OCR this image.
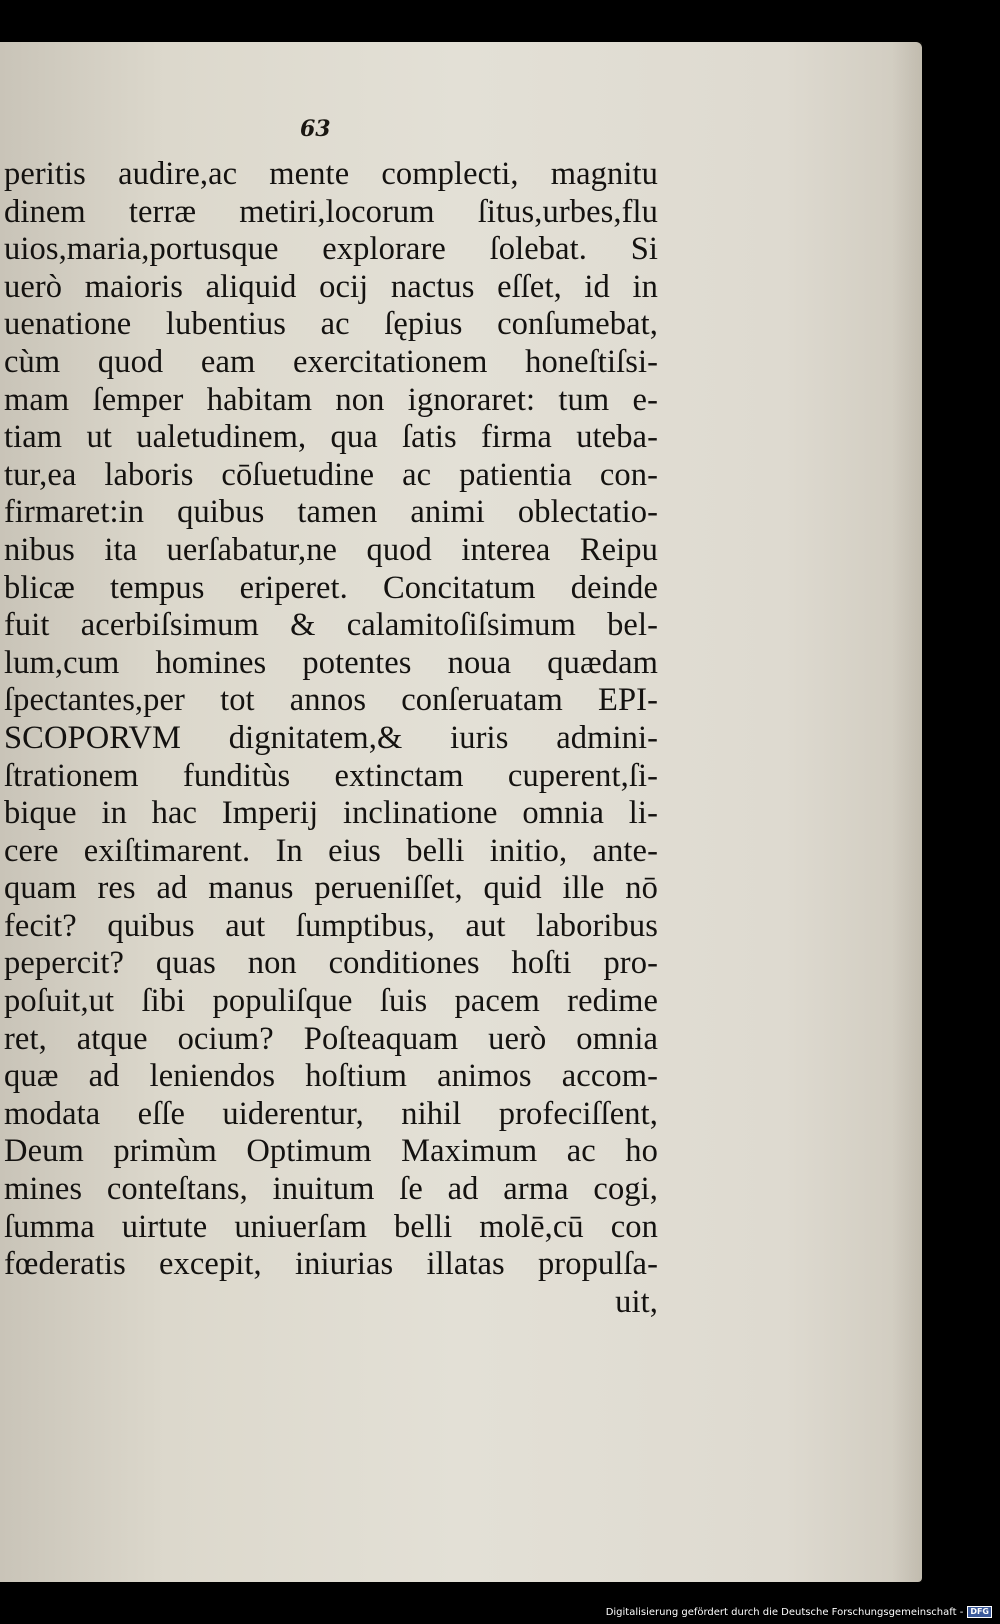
63
peritis audire,ac mente complecti, magnitu
dinem terræ metiri,locorum ſitus,urbes,flu
uios,maria,portusque explorare ſolebat. Si
uerò maioris aliquid ocij nactus eſſet, id in
uenatione lubentius ac ſępius conſumebat,
cùm quod eam exercitationem honeſtiſsi-
mam ſemper habitam non ignoraret: tum e-
tiam ut ualetudinem, qua ſatis firma uteba-
tur,ea laboris cōſuetudine ac patientia con-
firmaret:in quibus tamen animi oblectatio-
nibus ita uerſabatur,ne quod interea Reipu
blicæ tempus eriperet. Concitatum deinde
fuit acerbiſsimum & calamitoſiſsimum bel-
lum,cum homines potentes noua quædam
ſpectantes,per tot annos conſeruatam EPI-
SCOPORVM dignitatem,& iuris admini-
ſtrationem funditùs extinctam cuperent,ſi-
bique in hac Imperij inclinatione omnia li-
cere exiſtimarent. In eius belli initio, ante-
quam res ad manus perueniſſet, quid ille nō
fecit? quibus aut ſumptibus, aut laboribus
pepercit? quas non conditiones hoſti pro-
poſuit,ut ſibi populiſque ſuis pacem redime
ret, atque ocium? Poſteaquam uerò omnia
quæ ad leniendos hoſtium animos accom-
modata eſſe uiderentur, nihil profeciſſent,
Deum primùm Optimum Maximum ac ho
mines conteſtans, inuitum ſe ad arma cogi,
ſumma uirtute uniuerſam belli molē,cū con
fœderatis excepit, iniurias illatas propulſa-
uit,
Digitalisierung gefördert durch die Deutsche Forschungsgemeinschaft - DFG
